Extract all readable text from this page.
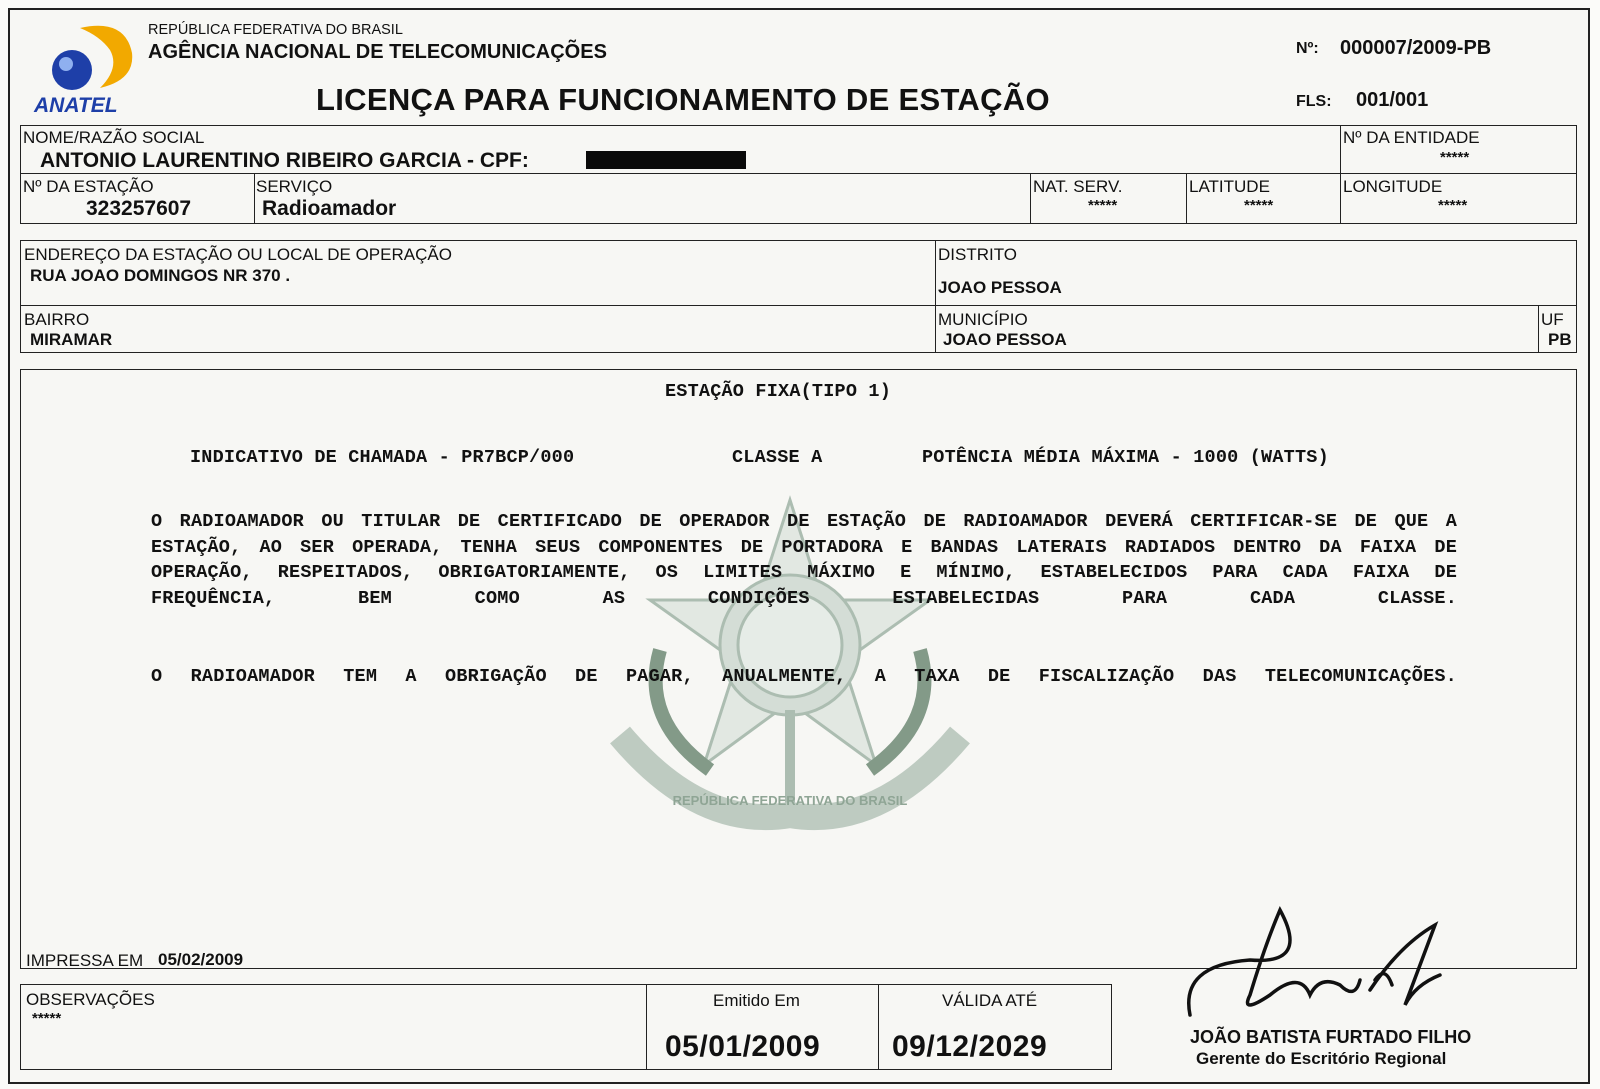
REPÚBLICA FEDERATIVA DO BRASIL
ANATEL
REPÚBLICA FEDERATIVA DO BRASIL
AGÊNCIA NACIONAL DE TELECOMUNICAÇÕES
LICENÇA PARA FUNCIONAMENTO DE ESTAÇÃO
Nº: 000007/2009-PB
FLS: 001/001
NOME/RAZÃO SOCIAL
ANTONIO LAURENTINO RIBEIRO GARCIA - CPF:
Nº DA ENTIDADE
*****
Nº DA ESTAÇÃO
323257607
SERVIÇO
Radioamador
NAT. SERV.
*****
LATITUDE
*****
LONGITUDE
*****
ENDEREÇO DA ESTAÇÃO OU LOCAL DE OPERAÇÃO
RUA JOAO DOMINGOS NR 370 .
DISTRITO
JOAO PESSOA
BAIRRO
MIRAMAR
MUNICÍPIO
JOAO PESSOA
UF
PB
ESTAÇÃO FIXA(TIPO 1)
INDICATIVO DE CHAMADA - PR7BCP/000	CLASSE A	POTÊNCIA MÉDIA MÁXIMA - 1000 (WATTS)
O RADIOAMADOR OU TITULAR DE CERTIFICADO DE OPERADOR DE ESTAÇÃO DE RADIOAMADOR DEVERÁ CERTIFICAR-SE DE QUE A ESTAÇÃO, AO SER OPERADA, TENHA SEUS COMPONENTES DE PORTADORA E BANDAS LATERAIS RADIADOS DENTRO DA FAIXA DE OPERAÇÃO, RESPEITADOS, OBRIGATORIAMENTE, OS LIMITES MÁXIMO E MÍNIMO, ESTABELECIDOS PARA CADA FAIXA DE FREQUÊNCIA, BEM COMO AS CONDIÇÕES ESTABELECIDAS PARA CADA CLASSE.
O RADIOAMADOR TEM A OBRIGAÇÃO DE PAGAR, ANUALMENTE, A TAXA DE FISCALIZAÇÃO DAS TELECOMUNICAÇÕES.
IMPRESSA EM 05/02/2009
OBSERVAÇÕES
*****
Emitido Em
05/01/2009
VÁLIDA ATÉ
09/12/2029	JOÃO BATISTA FURTADO FILHO
Gerente do Escritório Regional
